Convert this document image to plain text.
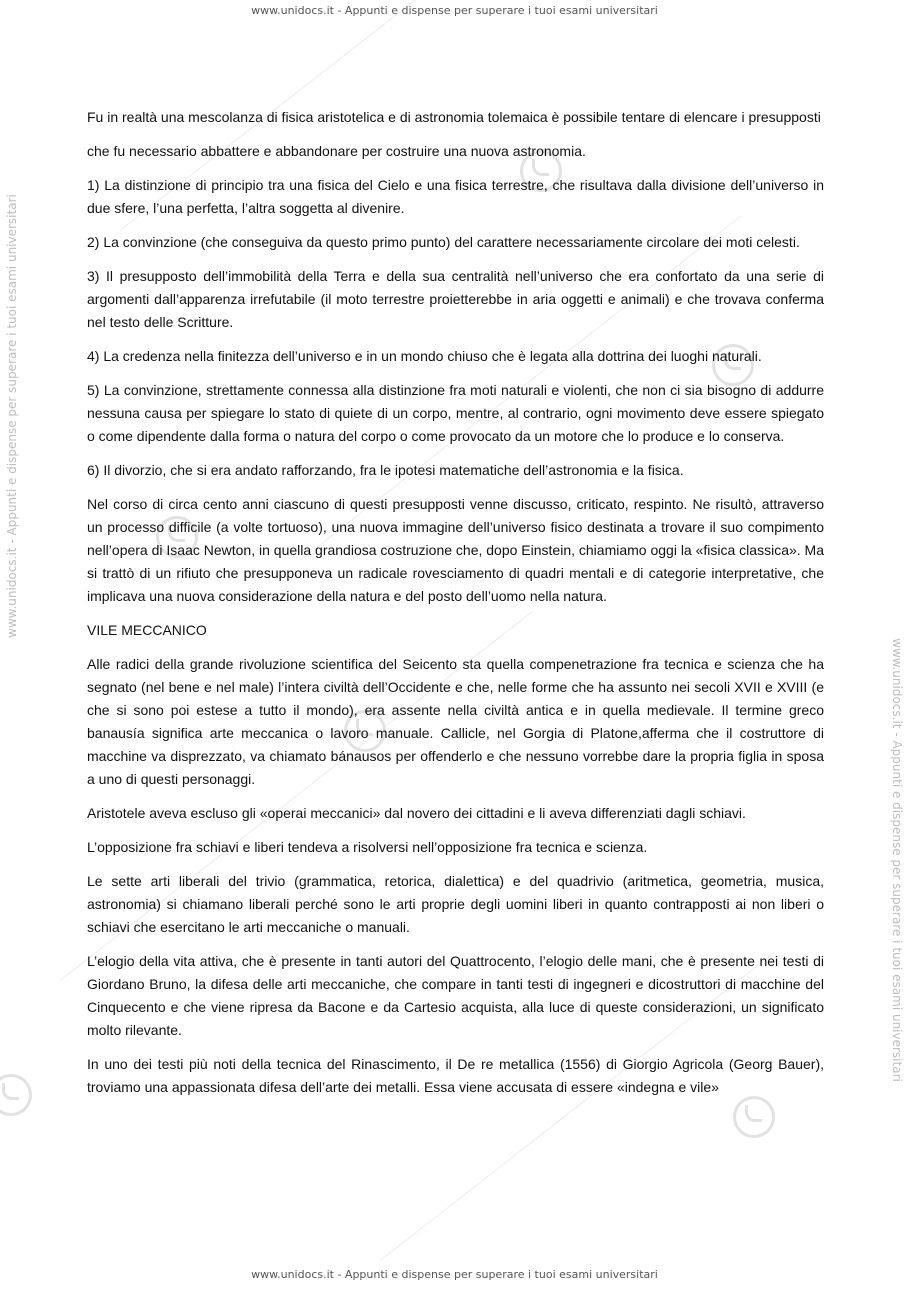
www.unidocs.it - Appunti e dispense per superare i tuoi esami universitari
www.unidocs.it - Appunti e dispense per superare i tuoi esami universitari
www.unidocs.it - Appunti e dispense per superare i tuoi esami universitari

Fu in realtà una mescolanza di fisica aristotelica e di astronomia tolemaica è possibile tentare di elencare i presupposti

che fu necessario abbattere e abbandonare per costruire una nuova astronomia.

1) La distinzione di principio tra una fisica del Cielo e una fisica terrestre, che risultava dalla divisione dell’universo in due sfere, l’una perfetta, l’altra soggetta al divenire.

2) La convinzione (che conseguiva da questo primo punto) del carattere necessariamente circolare dei moti celesti.

3) Il presupposto dell’immobilità della Terra e della sua centralità nell’universo che era confortato da una serie di argomenti dall’apparenza irrefutabile (il moto terrestre proietterebbe in aria oggetti e animali) e che trovava conferma nel testo delle Scritture.

4) La credenza nella finitezza dell’universo e in un mondo chiuso che è legata alla dottrina dei luoghi naturali.

5) La convinzione, strettamente connessa alla distinzione fra moti naturali e violenti, che non ci sia bisogno di addurre nessuna causa per spiegare lo stato di quiete di un corpo, mentre, al contrario, ogni movimento deve essere spiegato o come dipendente dalla forma o natura del corpo o come provocato da un motore che lo produce e lo conserva.

6) Il divorzio, che si era andato rafforzando, fra le ipotesi matematiche dell’astronomia e la fisica.

Nel corso di circa cento anni ciascuno di questi presupposti venne discusso, criticato, respinto. Ne risultò, attraverso un processo difficile (a volte tortuoso), una nuova immagine dell’universo fisico destinata a trovare il suo compimento nell’opera di Isaac Newton, in quella grandiosa costruzione che, dopo Einstein, chiamiamo oggi la «fisica classica». Ma si trattò di un rifiuto che presupponeva un radicale rovesciamento di quadri mentali e di categorie interpretative, che implicava una nuova considerazione della natura e del posto dell’uomo nella natura.

VILE MECCANICO

Alle radici della grande rivoluzione scientifica del Seicento sta quella compenetrazione fra tecnica e scienza che ha segnato (nel bene e nel male) l’intera civiltà dell’Occidente e che, nelle forme che ha assunto nei secoli XVII e XVIII (e che si sono poi estese a tutto il mondo), era assente nella civiltà antica e in quella medievale. Il termine greco banausía significa arte meccanica o lavoro manuale. Callicle, nel Gorgia di Platone,afferma che il costruttore di macchine va disprezzato, va chiamato bánausos per offenderlo e che nessuno vorrebbe dare la propria figlia in sposa a uno di questi personaggi.

Aristotele aveva escluso gli «operai meccanici» dal novero dei cittadini e li aveva differenziati dagli schiavi.

L’opposizione fra schiavi e liberi tendeva a risolversi nell’opposizione fra tecnica e scienza.

Le sette arti liberali del trivio (grammatica, retorica, dialettica) e del quadrivio (aritmetica, geometria, musica, astronomia) si chiamano liberali perché sono le arti proprie degli uomini liberi in quanto contrapposti ai non liberi o schiavi che esercitano le arti meccaniche o manuali.

L’elogio della vita attiva, che è presente in tanti autori del Quattrocento, l’elogio delle mani, che è presente nei testi di Giordano Bruno, la difesa delle arti meccaniche, che compare in tanti testi di ingegneri e dicostruttori di macchine del Cinquecento e che viene ripresa da Bacone e da Cartesio acquista, alla luce di queste considerazioni, un significato molto rilevante.

In uno dei testi più noti della tecnica del Rinascimento, il De re metallica (1556) di Giorgio Agricola (Georg Bauer), troviamo una appassionata difesa dell’arte dei metalli. Essa viene accusata di essere «indegna e vile»

www.unidocs.it - Appunti e dispense per superare i tuoi esami universitari
